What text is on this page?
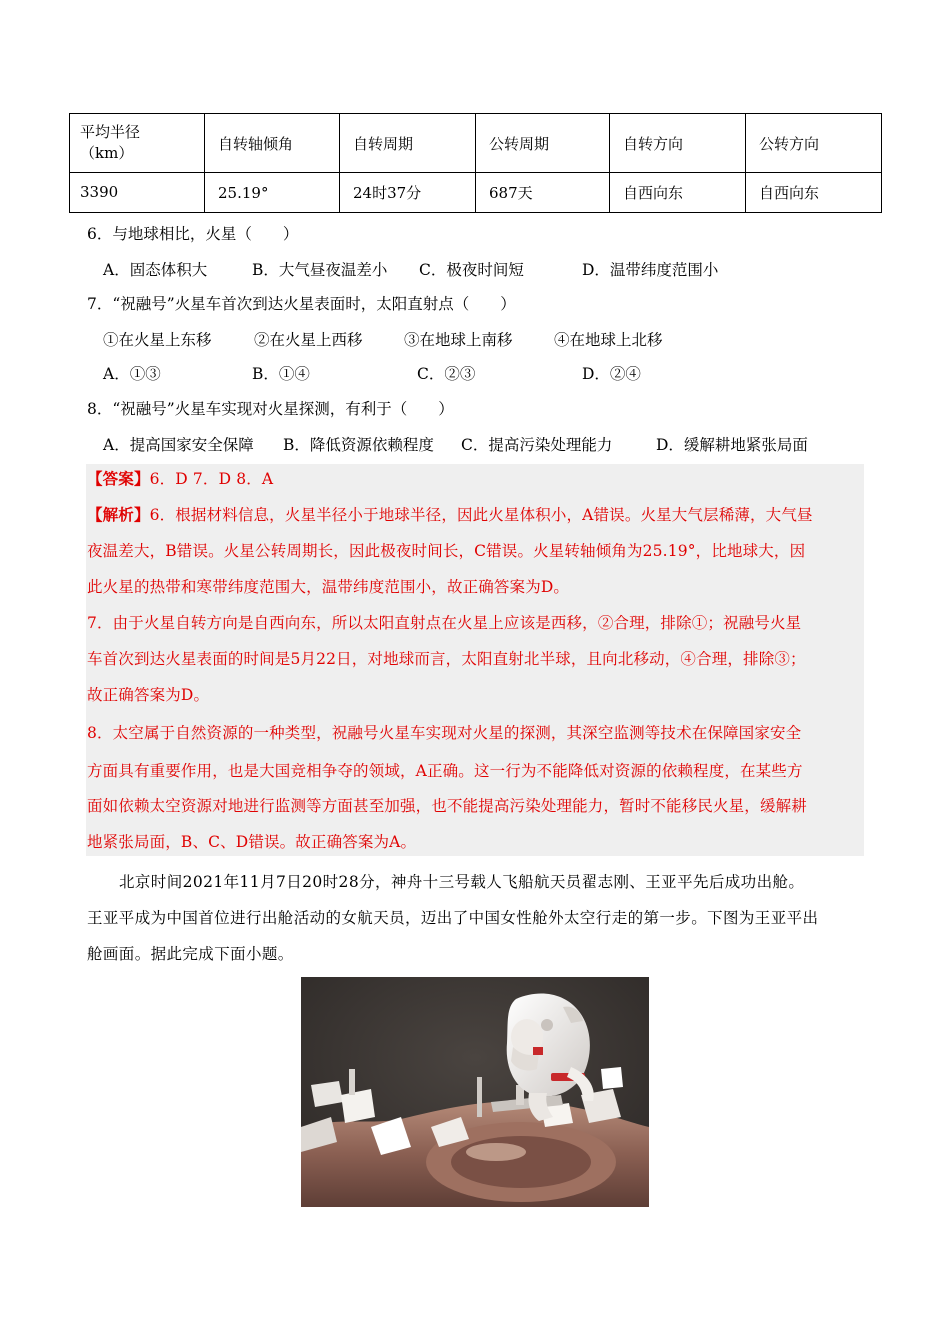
平均半径
（km）	自转轴倾角	自转周期	公转周期	自转方向	公转方向
3390	25.19°	24时37分	687天	自西向东	自西向东
6．与地球相比，火星（　　）
A．固态体积大	B．大气昼夜温差小 C．极夜时间短	D．温带纬度范围小
7．“祝融号”火星车首次到达火星表面时，太阳直射点（　　）
①在火星上东移	②在火星上西移	③在地球上南移	④在地球上北移
A．①③	B．①④	C．②③	D．②④
8．“祝融号”火星车实现对火星探测，有利于（　　）
A．提高国家安全保障 B．降低资源依赖程度 C．提高污染处理能力	D．缓解耕地紧张局面
【答案】6．D 7．D 8．A
【解析】6．根据材料信息，火星半径小于地球半径，因此火星体积小，A错误。火星大气层稀薄，大气昼
夜温差大，B错误。火星公转周期长，因此极夜时间长，C错误。火星转轴倾角为25.19°，比地球大，因
此火星的热带和寒带纬度范围大，温带纬度范围小，故正确答案为D。
7．由于火星自转方向是自西向东，所以太阳直射点在火星上应该是西移，②合理，排除①；祝融号火星
车首次到达火星表面的时间是5月22日，对地球而言，太阳直射北半球，且向北移动，④合理，排除③；
故正确答案为D。
8．太空属于自然资源的一种类型，祝融号火星车实现对火星的探测，其深空监测等技术在保障国家安全
方面具有重要作用，也是大国竞相争夺的领域，A正确。这一行为不能降低对资源的依赖程度，在某些方
面如依赖太空资源对地进行监测等方面甚至加强，也不能提高污染处理能力，暂时不能移民火星，缓解耕
地紧张局面，B、C、D错误。故正确答案为A。
北京时间2021年11月7日20时28分，神舟十三号载人飞船航天员翟志刚、王亚平先后成功出舱。
王亚平成为中国首位进行出舱活动的女航天员，迈出了中国女性舱外太空行走的第一步。下图为王亚平出
舱画面。据此完成下面小题。
